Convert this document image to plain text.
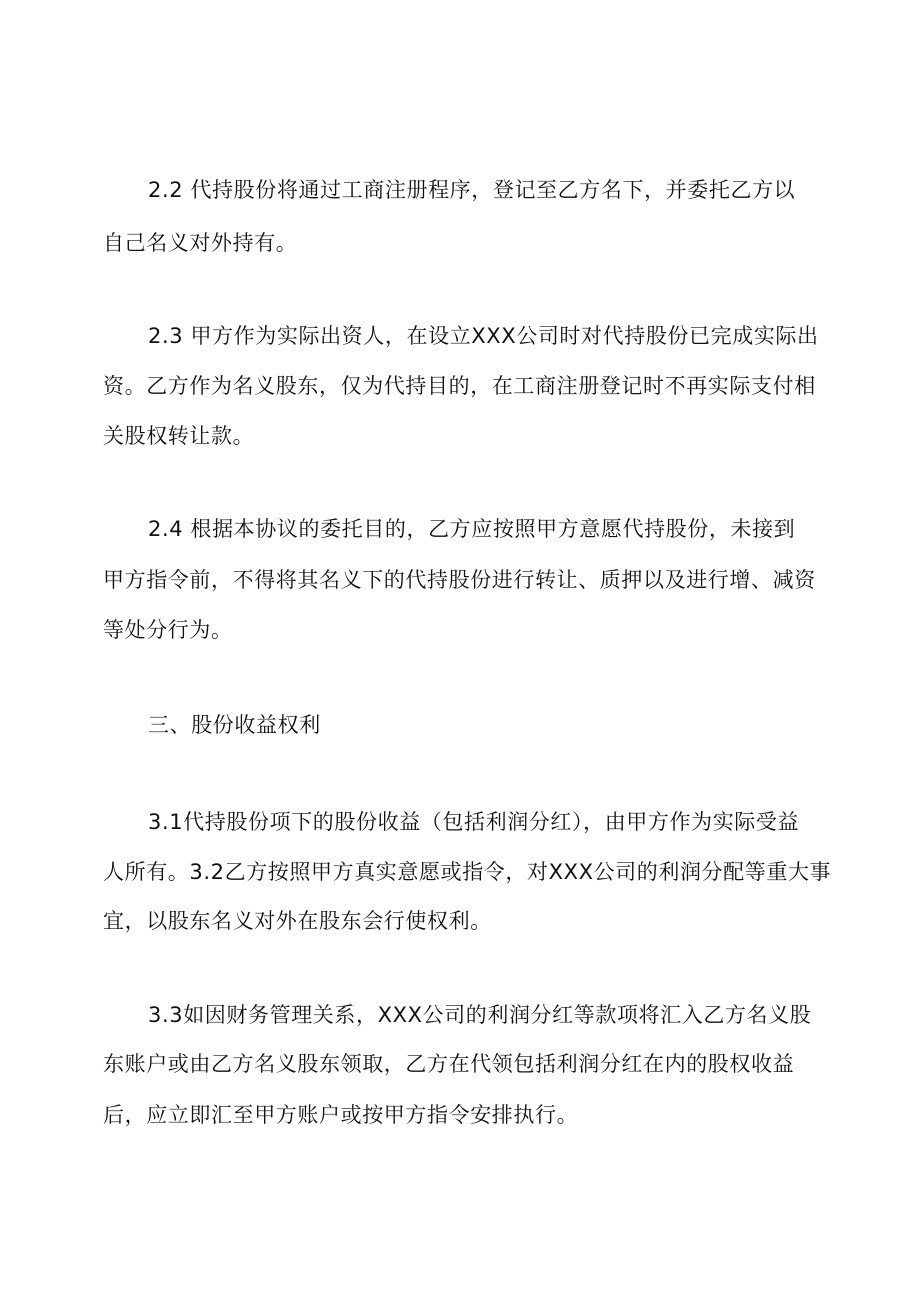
2.2 代持股份将通过工商注册程序，登记至乙方名下，并委托乙方以
自己名义对外持有。
2.3 甲方作为实际出资人，在设立XXX公司时对代持股份已完成实际出
资。乙方作为名义股东，仅为代持目的，在工商注册登记时不再实际支付相
关股权转让款。
2.4 根据本协议的委托目的，乙方应按照甲方意愿代持股份，未接到
甲方指令前，不得将其名义下的代持股份进行转让、质押以及进行增、减资
等处分行为。
三、股份收益权利
3.1代持股份项下的股份收益（包括利润分红），由甲方作为实际受益
人所有。3.2乙方按照甲方真实意愿或指令，对XXX公司的利润分配等重大事
宜，以股东名义对外在股东会行使权利。
3.3如因财务管理关系，XXX公司的利润分红等款项将汇入乙方名义股
东账户或由乙方名义股东领取，乙方在代领包括利润分红在内的股权收益
后，应立即汇至甲方账户或按甲方指令安排执行。
